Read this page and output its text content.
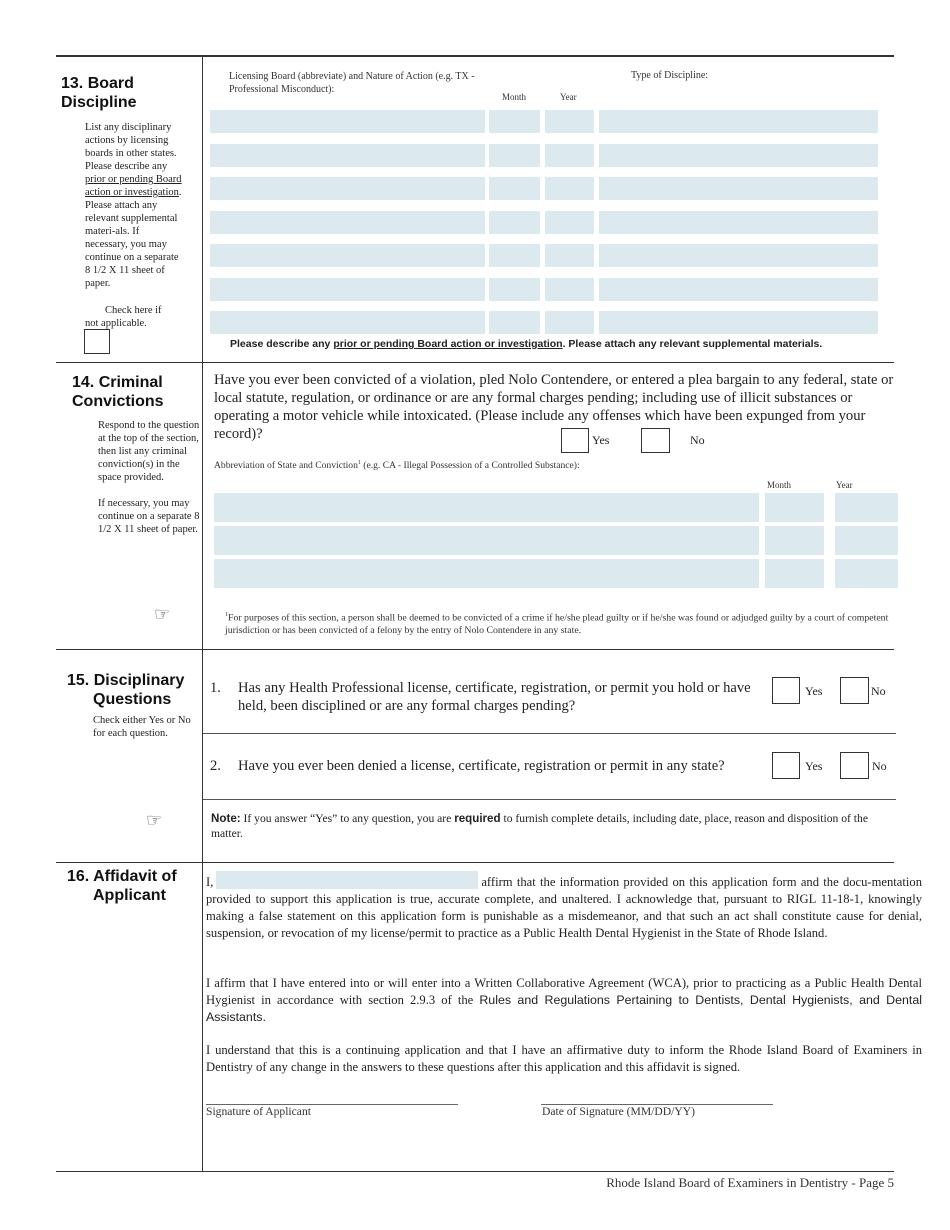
13. Board
Discipline
List any disciplinary actions by licensing boards in other states. Please describe any prior or pending Board action or investigation. Please attach any relevant supplemental materi-als. If necessary, you may continue on a separate 8 1/2 X 11 sheet of paper.
Check here if
not applicable.
Licensing Board (abbreviate) and Nature of Action (e.g. TX - Professional Misconduct):
Month	Year
Type of Discipline:
Please describe any prior or pending Board action or investigation. Please attach any relevant supplemental materials.
14. Criminal
Convictions
Respond to the question at the top of the section, then list any criminal conviction(s) in the space provided.
If necessary, you may continue on a separate 8 1/2 X 11 sheet of paper.
☞
Have you ever been convicted of a violation, pled Nolo Contendere, or entered a plea bargain to any federal, state or local statute, regulation, or ordinance or are any formal charges pending; including use of illicit substances or operating a motor vehicle while intoxicated. (Please include any offenses which have been expunged from your record)?	Yes	No
Abbreviation of State and Conviction$^1$ (e.g. CA - Illegal Possession of a Controlled Substance):
Month	Year
$^1$For purposes of this section, a person shall be deemed to be convicted of a crime if he/she plead guilty or if he/she was found or adjudged guilty by a court of competent jurisdiction or has been convicted of a felony by the entry of Nolo Contendere in any state.
15. Disciplinary
Questions
Check either Yes or No for each question.
☞
1. Has any Health Professional license, certificate, registration, or permit you hold or have held, been disciplined or are any formal charges pending?
Yes	No
2. Have you ever been denied a license, certificate, registration or permit in any state?	Yes	No
Note: If you answer “Yes” to any question, you are required to furnish complete details, including date, place, reason and disposition of the matter.
16. Affidavit of
Applicant
I,	affirm that the information provided on this application form and the docu-mentation provided to support this application is true, accurate complete, and unaltered. I acknowledge that, pursuant to RIGL 11-18-1, knowingly making a false statement on this application form is punishable as a misdemeanor, and that such an act shall constitute cause for denial, suspension, or revocation of my license/permit to practice as a Public Health Dental Hygienist in the State of Rhode Island.
I affirm that I have entered into or will enter into a Written Collaborative Agreement (WCA), prior to practicing as a Public Health Dental Hygienist in accordance with section 2.9.3 of the Rules and Regulations Pertaining to Dentists, Dental Hygienists, and Dental Assistants.
I understand that this is a continuing application and that I have an affirmative duty to inform the Rhode Island Board of Examiners in Dentistry of any change in the answers to these questions after this application and this affidavit is signed.
Signature of Applicant	Date of Signature (MM/DD/YY)
Rhode Island Board of Examiners in Dentistry - Page 5
